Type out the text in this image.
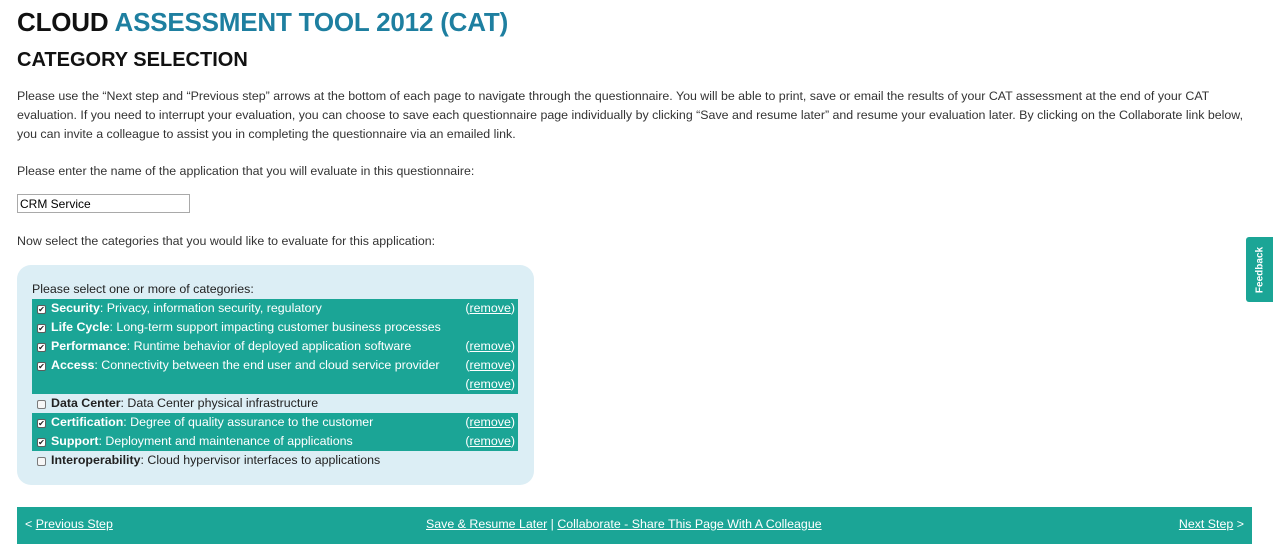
CLOUD ASSESSMENT TOOL 2012 (CAT)
CATEGORY SELECTION

Please use the “Next step and “Previous step” arrows at the bottom of each page to navigate through the questionnaire. You will be able to print, save or email the results of your CAT assessment at the end of your CAT evaluation. If you need to interrupt your evaluation, you can choose to save each questionnaire page individually by clicking “Save and resume later” and resume your evaluation later. By clicking on the Collaborate link below, you can invite a colleague to assist you in completing the questionnaire via an emailed link.

Please enter the name of the application that you will evaluate in this questionnaire:

CRM Service

Now select the categories that you would like to evaluate for this application:

Please select one or more of categories:
✔ Security: Privacy, information security, regulatory	(remove)
✔ Life Cycle: Long-term support impacting customer business processes
✔ Performance: Runtime behavior of deployed application software	(remove)
✔ Access: Connectivity between the end user and cloud service provider	(remove)
(remove)
Data Center: Data Center physical infrastructure
✔ Certification: Degree of quality assurance to the customer	(remove)
✔ Support: Deployment and maintenance of applications	(remove)
Interoperability: Cloud hypervisor interfaces to applications
< Previous Step	Save & Resume Later | Collaborate - Share This Page With A Colleague	Next Step >
Feedback
